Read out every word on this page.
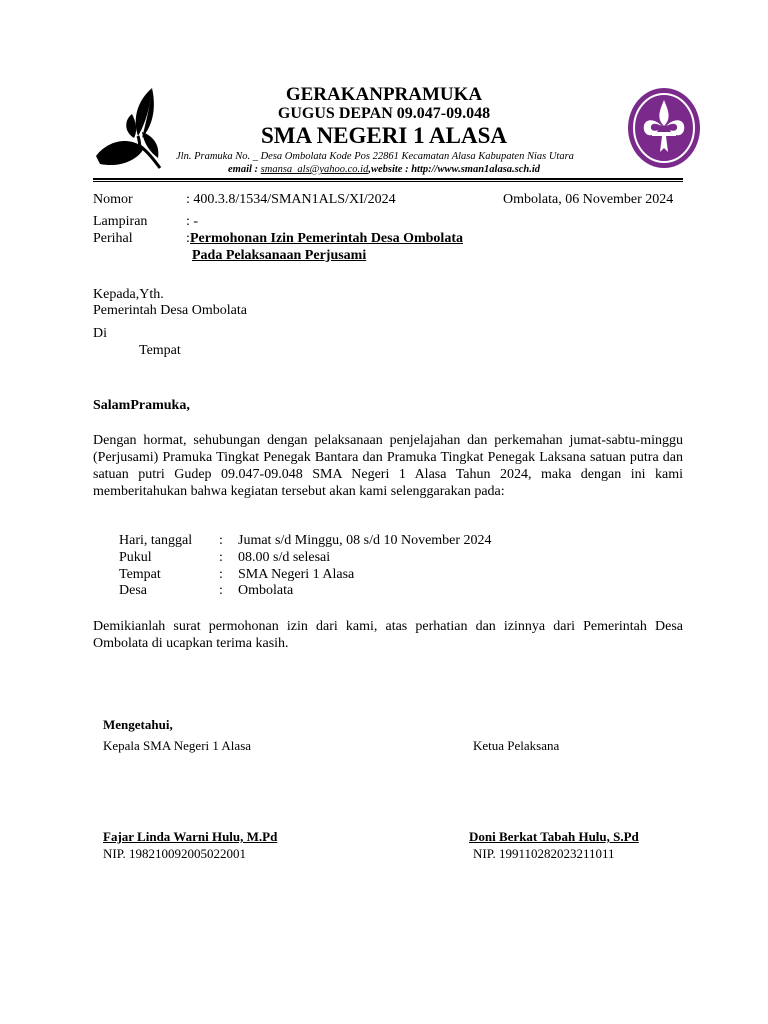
GERAKANPRAMUKA
GUGUS DEPAN 09.047-09.048
SMA NEGERI 1 ALASA
Jln. Pramuka No. _ Desa Ombolata Kode Pos 22861 Kecamatan Alasa Kabupaten Nias Utara
email : smansa_als@yahoo.co.id,website : http://www.sman1alasa.sch.id
Nomor	: 400.3.8/1534/SMAN1ALS/XI/2024	Ombolata, 06 November 2024
Lampiran	: -
Perihal	: Permohonan Izin Pemerintah Desa Ombolata
Pada Pelaksanaan Perjusami
Kepada,Yth.
Pemerintah Desa Ombolata
Di
Tempat
SalamPramuka,
Dengan hormat, sehubungan dengan pelaksanaan penjelajahan dan perkemahan jumat-sabtu-minggu (Perjusami) Pramuka Tingkat Penegak Bantara dan Pramuka Tingkat Penegak Laksana satuan putra dan satuan putri Gudep 09.047-09.048 SMA Negeri 1 Alasa Tahun 2024, maka dengan ini kami memberitahukan bahwa kegiatan tersebut akan kami selenggarakan pada:
Hari, tanggal : Jumat s/d Minggu, 08 s/d 10 November 2024
Pukul	: 08.00 s/d selesai
Tempat	: SMA Negeri 1 Alasa
Desa	: Ombolata
Demikianlah surat permohonan izin dari kami, atas perhatian dan izinnya dari Pemerintah Desa Ombolata di ucapkan terima kasih.
Mengetahui,
Kepala SMA Negeri 1 Alasa	Ketua Pelaksana
Fajar Linda Warni Hulu, M.Pd
NIP. 198210092005022001
Doni Berkat Tabah Hulu, S.Pd
NIP. 199110282023211011
